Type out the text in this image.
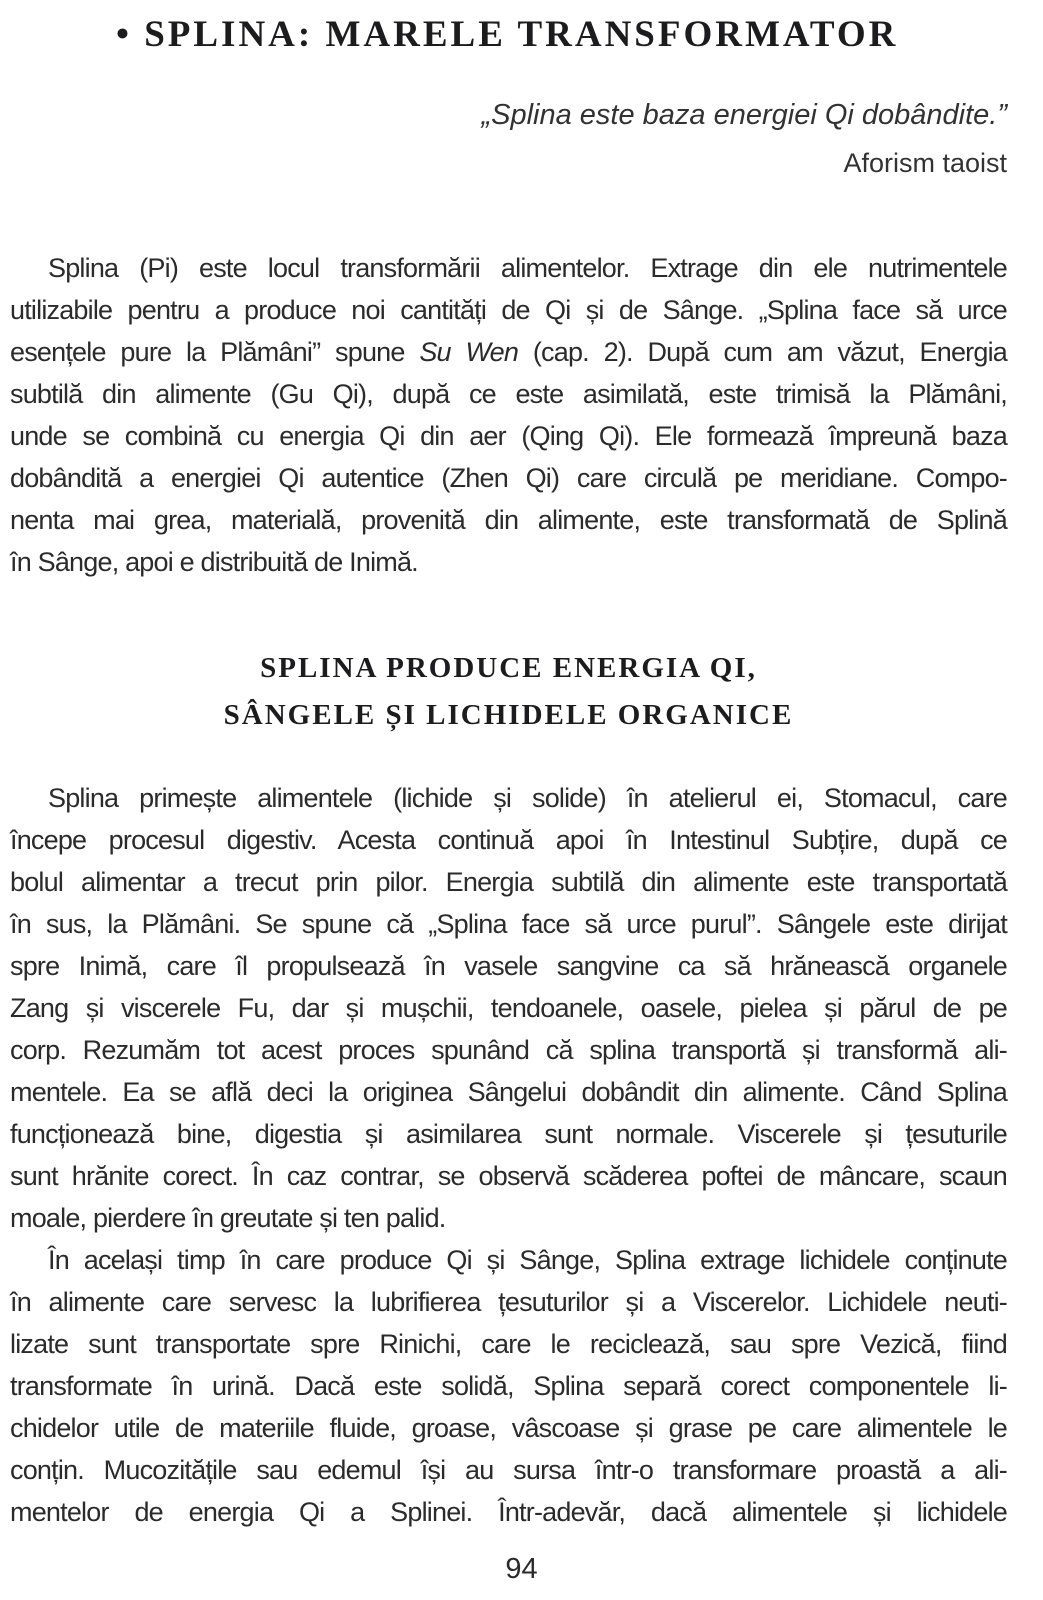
• SPLINA: MARELE TRANSFORMATOR
„Splina este baza energiei Qi dobândite.”
Aforism taoist
Splina (Pi) este locul transformării alimentelor. Extrage din ele nutrimentele
utilizabile pentru a produce noi cantități de Qi și de Sânge. „Splina face să urce
esențele pure la Plămâni” spune Su Wen (cap. 2). După cum am văzut, Energia
subtilă din alimente (Gu Qi), după ce este asimilată, este trimisă la Plămâni,
unde se combină cu energia Qi din aer (Qing Qi). Ele formează împreună baza
dobândită a energiei Qi autentice (Zhen Qi) care circulă pe meridiane. Compo-
nenta mai grea, materială, provenită din alimente, este transformată de Splină
în Sânge, apoi e distribuită de Inimă.
SPLINA PRODUCE ENERGIA QI,
SÂNGELE ȘI LICHIDELE ORGANICE
Splina primește alimentele (lichide și solide) în atelierul ei, Stomacul, care
începe procesul digestiv. Acesta continuă apoi în Intestinul Subțire, după ce
bolul alimentar a trecut prin pilor. Energia subtilă din alimente este transportată
în sus, la Plămâni. Se spune că „Splina face să urce purul”. Sângele este dirijat
spre Inimă, care îl propulsează în vasele sangvine ca să hrănească organele
Zang și viscerele Fu, dar și mușchii, tendoanele, oasele, pielea și părul de pe
corp. Rezumăm tot acest proces spunând că splina transportă și transformă ali-
mentele. Ea se află deci la originea Sângelui dobândit din alimente. Când Splina
funcționează bine, digestia și asimilarea sunt normale. Viscerele și țesuturile
sunt hrănite corect. În caz contrar, se observă scăderea poftei de mâncare, scaun
moale, pierdere în greutate și ten palid.
În același timp în care produce Qi și Sânge, Splina extrage lichidele conținute
în alimente care servesc la lubrifierea țesuturilor și a Viscerelor. Lichidele neuti-
lizate sunt transportate spre Rinichi, care le reciclează, sau spre Vezică, fiind
transformate în urină. Dacă este solidă, Splina separă corect componentele li-
chidelor utile de materiile fluide, groase, vâscoase și grase pe care alimentele le
conțin. Mucozitățile sau edemul își au sursa într-o transformare proastă a ali-
mentelor de energia Qi a Splinei. Într-adevăr, dacă alimentele și lichidele
94
